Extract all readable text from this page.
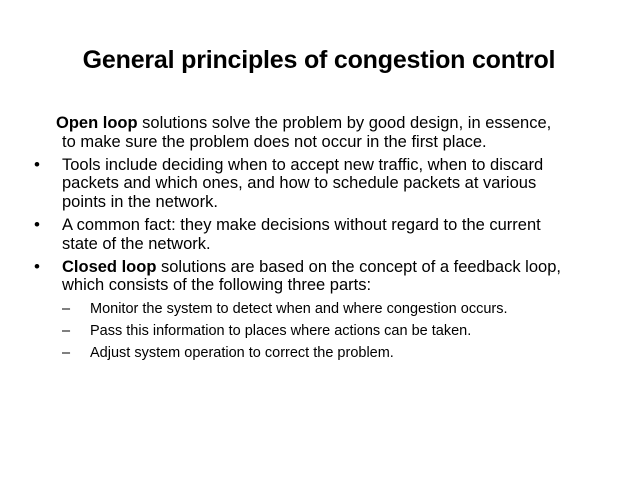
General principles of congestion control
Open loop solutions solve the problem by good design, in essence,
to make sure the problem does not occur in the first place.
• Tools include deciding when to accept new traffic, when to discard
packets and which ones, and how to schedule packets at various
points in the network.
• A common fact: they make decisions without regard to the current
state of the network.
• Closed loop solutions are based on the concept of a feedback loop,
which consists of the following three parts:
– Monitor the system to detect when and where congestion occurs.
– Pass this information to places where actions can be taken.
– Adjust system operation to correct the problem.
